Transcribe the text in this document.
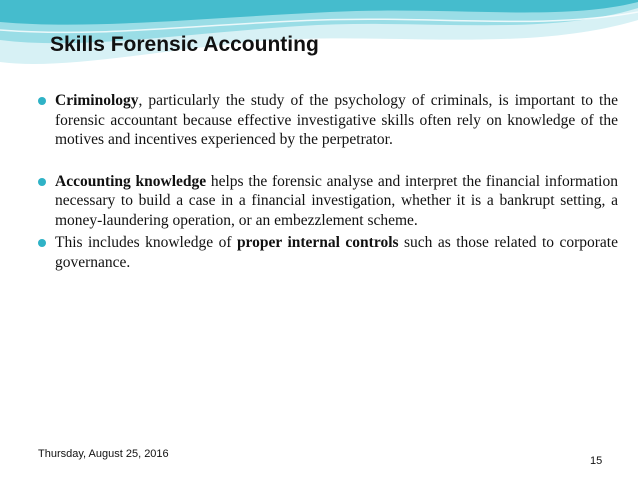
Skills Forensic Accounting
Criminology, particularly the study of the psychology of criminals, is important to the forensic accountant because effective investigative skills often rely on knowledge of the motives and incentives experienced by the perpetrator.
Accounting knowledge helps the forensic analyse and interpret the financial information necessary to build a case in a financial investigation, whether it is a bankrupt setting, a money-laundering operation, or an embezzlement scheme.
This includes knowledge of proper internal controls such as those related to corporate governance.
Thursday, August 25, 2016
15
